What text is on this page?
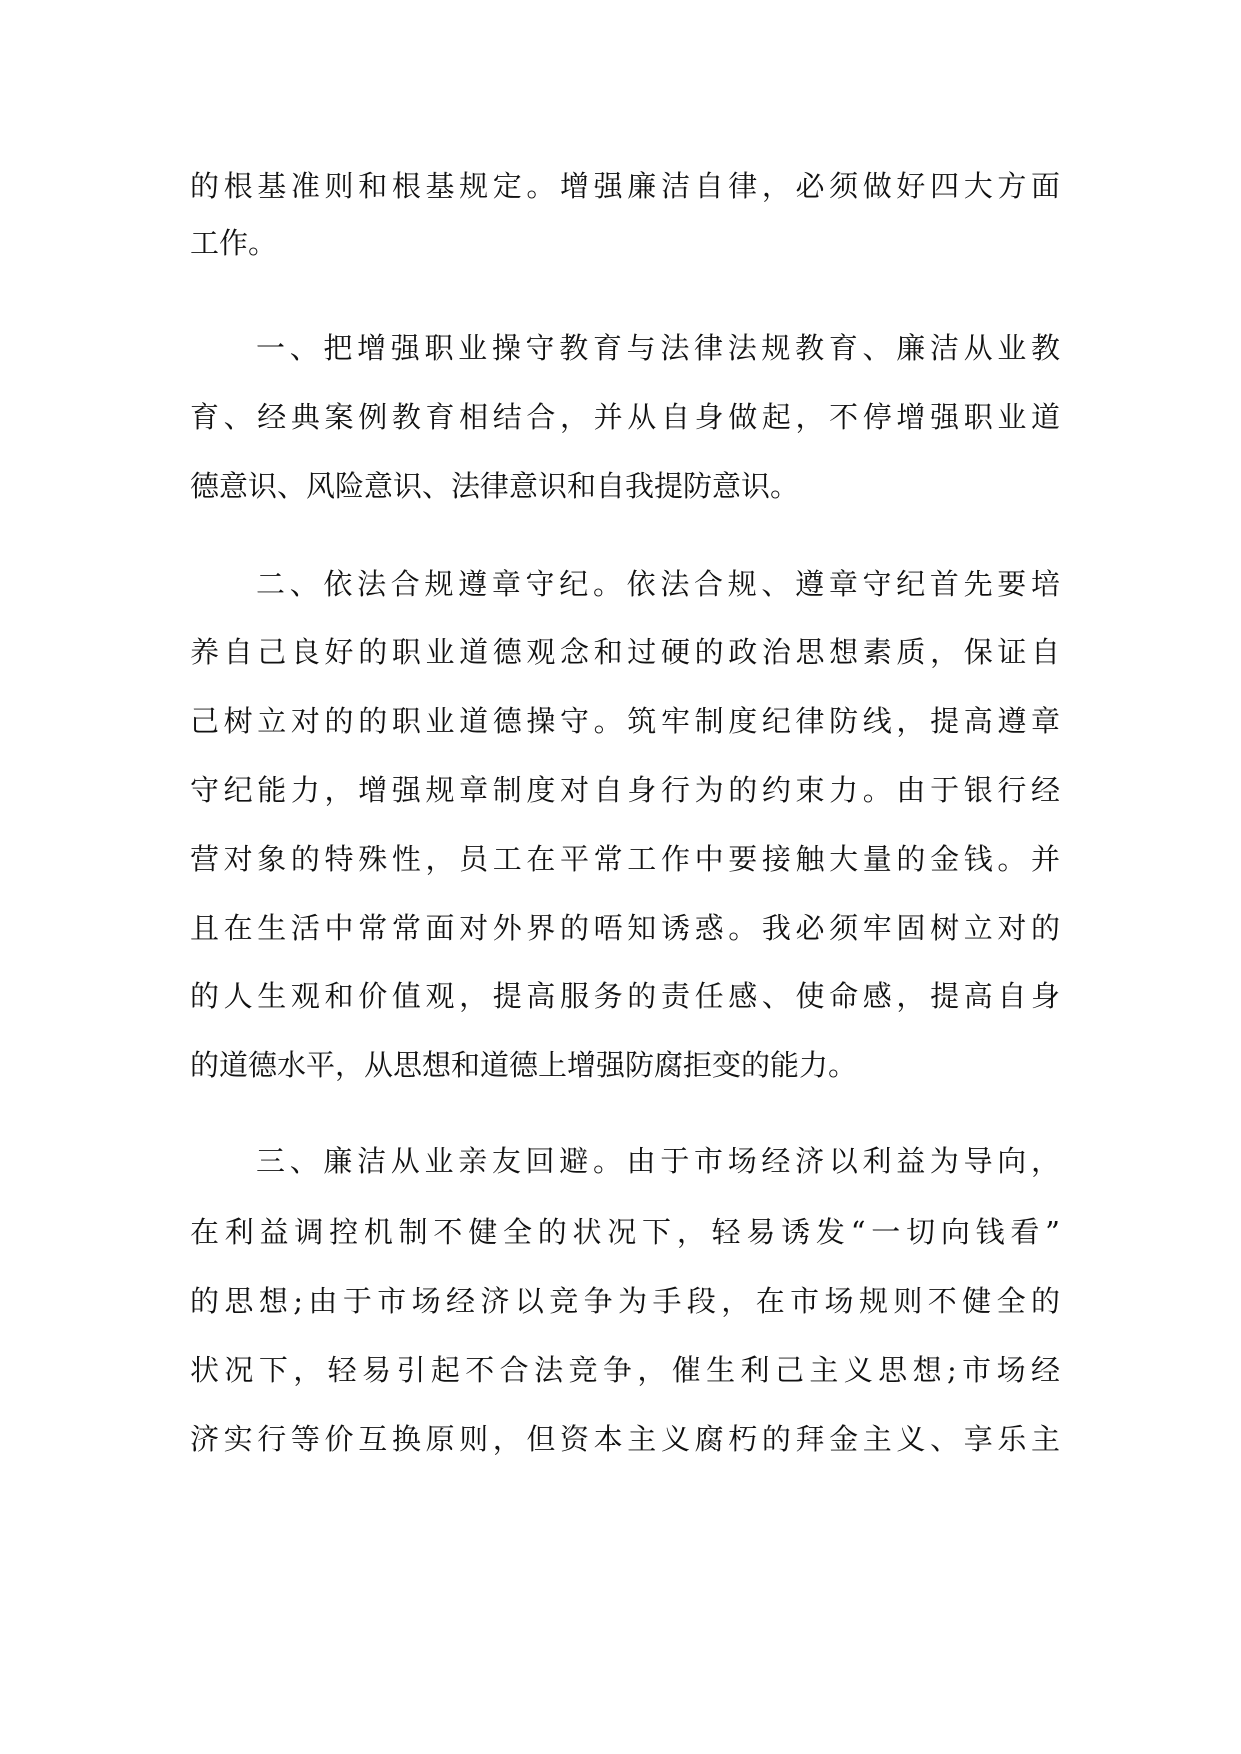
的根基准则和根基规定。增强廉洁自律，必须做好四大方面
工作。
一、把增强职业操守教育与法律法规教育、廉洁从业教
育、经典案例教育相结合，并从自身做起，不停增强职业道
德意识、风险意识、法律意识和自我提防意识。
二、依法合规遵章守纪。依法合规、遵章守纪首先要培
养自己良好的职业道德观念和过硬的政治思想素质，保证自
己树立对的的职业道德操守。筑牢制度纪律防线，提高遵章
守纪能力，增强规章制度对自身行为的约束力。由于银行经
营对象的特殊性，员工在平常工作中要接触大量的金钱。并
且在生活中常常面对外界的唔知诱惑。我必须牢固树立对的
的人生观和价值观，提高服务的责任感、使命感，提高自身
的道德水平，从思想和道德上增强防腐拒变的能力。
三、廉洁从业亲友回避。由于市场经济以利益为导向，
在利益调控机制不健全的状况下，轻易诱发“一切向钱看”
的思想;由于市场经济以竞争为手段，在市场规则不健全的
状况下，轻易引起不合法竞争，催生利己主义思想;市场经
济实行等价互换原则，但资本主义腐朽的拜金主义、享乐主
